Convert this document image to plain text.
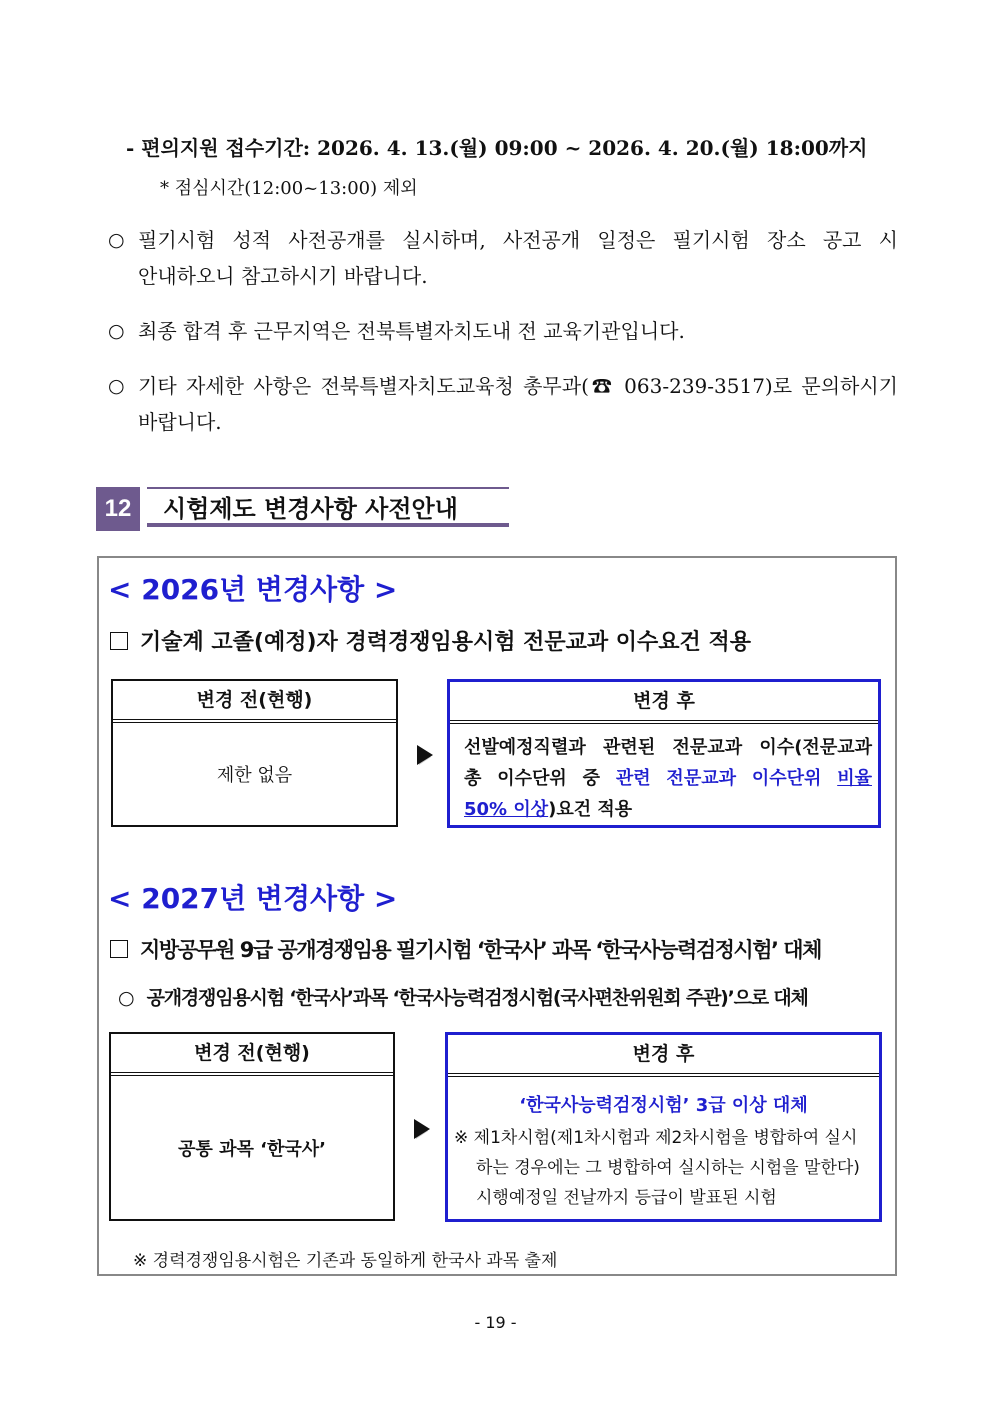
- 편의지원 접수기간: 2026. 4. 13.(월) 09:00 ~ 2026. 4. 20.(월) 18:00까지
* 점심시간(12:00~13:00) 제외
○ 필기시험 성적 사전공개를 실시하며, 사전공개 일정은 필기시험 장소 공고 시
안내하오니 참고하시기 바랍니다.
○ 최종 합격 후 근무지역은 전북특별자치도내 전 교육기관입니다.
○ 기타 자세한 사항은 전북특별자치도교육청 총무과(☎ 063-239-3517)로 문의하시기
바랍니다.
12	시험제도 변경사항 사전안내
< 2026년 변경사항 >
기술계 고졸(예정)자 경력경쟁임용시험 전문교과 이수요건 적용
변경 전(현행)
제한 없음
변경 후
선발예정직렬과 관련된 전문교과 이수(전문교과
총 이수단위 중 관련 전문교과 이수단위 비율
50% 이상)요건 적용
< 2027년 변경사항 >
지방공무원 9급 공개경쟁임용 필기시험 ‘한국사’ 과목 ‘한국사능력검정시험’ 대체
○ 공개경쟁임용시험 ‘한국사’과목 ‘한국사능력검정시험(국사편찬위원회 주관)’으로 대체
변경 전(현행)
공통 과목 ‘한국사’
변경 후
‘한국사능력검정시험’ 3급 이상 대체
※ 제1차시험(제1차시험과 제2차시험을 병합하여 실시
하는 경우에는 그 병합하여 실시하는 시험을 말한다)
시행예정일 전날까지 등급이 발표된 시험
※ 경력경쟁임용시험은 기존과 동일하게 한국사 과목 출제
- 19 -
